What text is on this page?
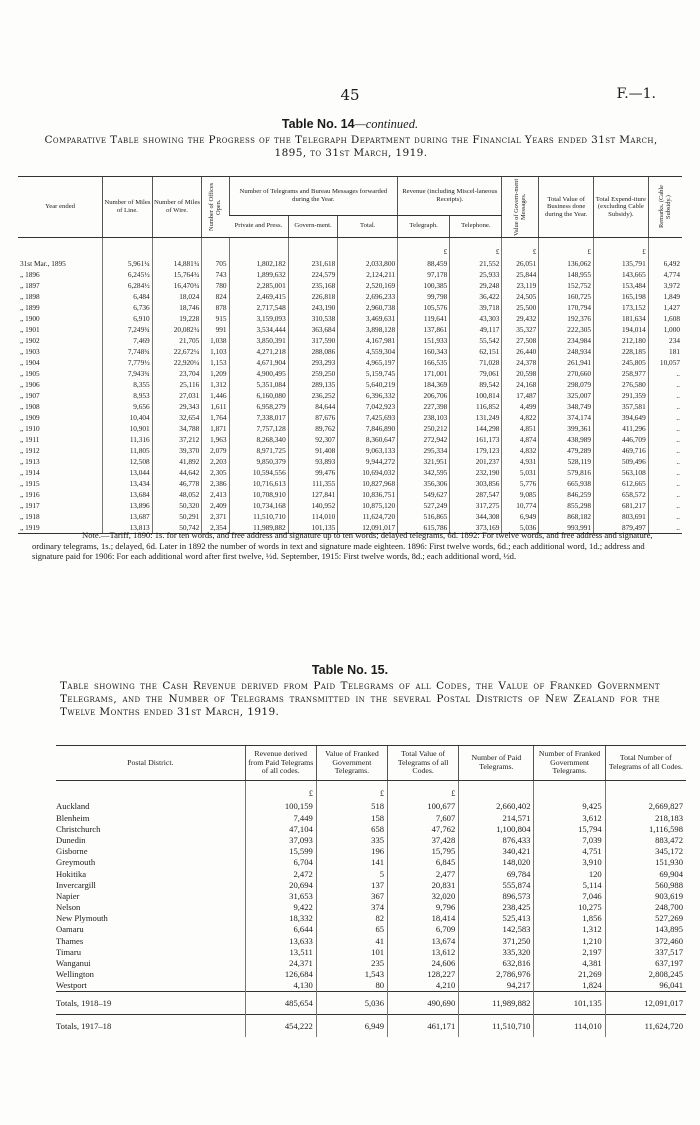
45	F.—1.
Table No. 14—continued.
Comparative Table showing the Progress of the Telegraph Department during the Financial Years ended 31st March, 1895, to 31st March, 1919.
Year ended	Number of Miles of Line.	Number of Miles of Wire.	Number of Offices Open.	Number of Telegrams and Bureau Messages forwarded during the Year.			Revenue (including Miscel-laneous Receipts).		Value of Govern-ment Messages.	Total Value of Business done during the Year.	Total Expend-iture (excluding Cable Subsidy).	Remarks. (Cable Subsidy.)

				Private and Press.	Govern-ment.	Total.	Telegraph.	Telephone.				
							£	£	£	£	£	
31st Mar., 1895	5,961¼	14,881¾	705	1,802,182	231,618	2,033,800	88,459	21,552	26,051	136,062	135,791	6,492
„ 1896	6,245½	15,764¾	743	1,899,632	224,579	2,124,211	97,178	25,933	25,844	148,955	143,665	4,774
„ 1897	6,284½	16,470¾	780	2,285,001	235,168	2,520,169	100,385	29,248	23,119	152,752	153,484	3,972
„ 1898	6,484	18,024	824	2,469,415	226,818	2,696,233	99,798	36,422	24,505	160,725	165,198	1,849
„ 1899	6,736	18,746	878	2,717,548	243,190	2,960,738	105,576	39,718	25,500	170,794	173,152	1,427
„ 1900	6,910	19,228	915	3,159,093	310,538	3,469,631	119,641	43,303	29,432	192,376	181,634	1,608
„ 1901	7,249¾	20,082¾	991	3,534,444	363,684	3,898,128	137,861	49,117	35,327	222,305	194,014	1,000
„ 1902	7,469	21,705	1,038	3,850,391	317,590	4,167,981	151,933	55,542	27,508	234,984	212,180	234
„ 1903	7,748¾	22,672¼	1,103	4,271,218	288,086	4,559,304	160,343	62,151	26,440	248,934	228,185	181
„ 1904	7,779½	22,920¼	1,153	4,671,904	293,293	4,965,197	166,535	71,028	24,378	261,941	245,805	10,057
„ 1905	7,943¾	23,704	1,209	4,900,495	259,250	5,159,745	171,001	79,061	20,598	270,660	258,977	..
„ 1906	8,355	25,116	1,312	5,351,084	289,135	5,640,219	184,369	89,542	24,168	298,079	276,580	..
„ 1907	8,953	27,031	1,446	6,160,080	236,252	6,396,332	206,706	100,814	17,487	325,007	291,359	..
„ 1908	9,656	29,343	1,611	6,958,279	84,644	7,042,923	227,398	116,852	4,499	348,749	357,581	..
„ 1909	10,404	32,654	1,764	7,338,017	87,676	7,425,693	238,103	131,249	4,822	374,174	394,649	..
„ 1910	10,901	34,788	1,871	7,757,128	89,762	7,846,890	250,212	144,298	4,851	399,361	411,296	..
„ 1911	11,316	37,212	1,963	8,268,340	92,307	8,360,647	272,942	161,173	4,874	438,989	446,709	..
„ 1912	11,805	39,370	2,079	8,971,725	91,408	9,063,133	295,334	179,123	4,832	479,289	469,716	..
„ 1913	12,508	41,892	2,203	9,850,379	93,893	9,944,272	321,951	201,237	4,931	528,119	509,496	..
„ 1914	13,044	44,642	2,305	10,594,556	99,476	10,694,032	342,595	232,190	5,031	579,816	563,108	..
„ 1915	13,434	46,778	2,386	10,716,613	111,355	10,827,968	356,306	303,856	5,776	665,938	612,665	..
„ 1916	13,684	48,052	2,413	10,708,910	127,841	10,836,751	549,627	287,547	9,085	846,259	658,572	..
„ 1917	13,896	50,320	2,409	10,734,168	140,952	10,875,120	527,249	317,275	10,774	855,298	681,217	..
„ 1918	13,687	50,291	2,371	11,510,710	114,010	11,624,720	516,865	344,308	6,949	868,182	803,691	..
„ 1919	13,813	50,742	2,354	11,989,882	101,135	12,091,017	615,786	373,169	5,036	993,991	879,497	..

Note.—Tariff, 1890: 1s. for ten words, and free address and signature up to ten words; delayed telegrams, 6d. 1892: For twelve words, and free address and signature, ordinary telegrams, 1s.; delayed, 6d. Later in 1892 the number of words in text and signature made eighteen. 1896: First twelve words, 6d.; each additional word, 1d.; address and signature paid for 1906: For each additional word after first twelve, ½d. September, 1915: First twelve words, 8d.; each additional word, ½d.

Table No. 15.
Table showing the Cash Revenue derived from Paid Telegrams of all Codes, the Value of Franked Government Telegrams, and the Number of Telegrams transmitted in the several Postal Districts of New Zealand for the Twelve Months ended 31st March, 1919.
Postal District.	Revenue derived from Paid Telegrams of all codes.	Value of Franked Government Telegrams.	Total Value of Telegrams of all Codes.	Number of Paid Telegrams.	Number of Franked Government Telegrams.	Total Number of Telegrams of all Codes.
	£	£	£			
Auckland	100,159	518	100,677	2,660,402	9,425	2,669,827
Blenheim	7,449	158	7,607	214,571	3,612	218,183
Christchurch	47,104	658	47,762	1,100,804	15,794	1,116,598
Dunedin	37,093	335	37,428	876,433	7,039	883,472
Gisborne	15,599	196	15,795	340,421	4,751	345,172
Greymouth	6,704	141	6,845	148,020	3,910	151,930
Hokitika	2,472	5	2,477	69,784	120	69,904
Invercargill	20,694	137	20,831	555,874	5,114	560,988
Napier	31,653	367	32,020	896,573	7,046	903,619
Nelson	9,422	374	9,796	238,425	10,275	248,700
New Plymouth	18,332	82	18,414	525,413	1,856	527,269
Oamaru	6,644	65	6,709	142,583	1,312	143,895
Thames	13,633	41	13,674	371,250	1,210	372,460
Timaru	13,511	101	13,612	335,320	2,197	337,517
Wanganui	24,371	235	24,606	632,816	4,381	637,197
Wellington	126,684	1,543	128,227	2,786,976	21,269	2,808,245
Westport	4,130	80	4,210	94,217	1,824	96,041
Totals, 1918–19	485,654	5,036	490,690	11,989,882	101,135	12,091,017
Totals, 1917–18	454,222	6,949	461,171	11,510,710	114,010	11,624,720
